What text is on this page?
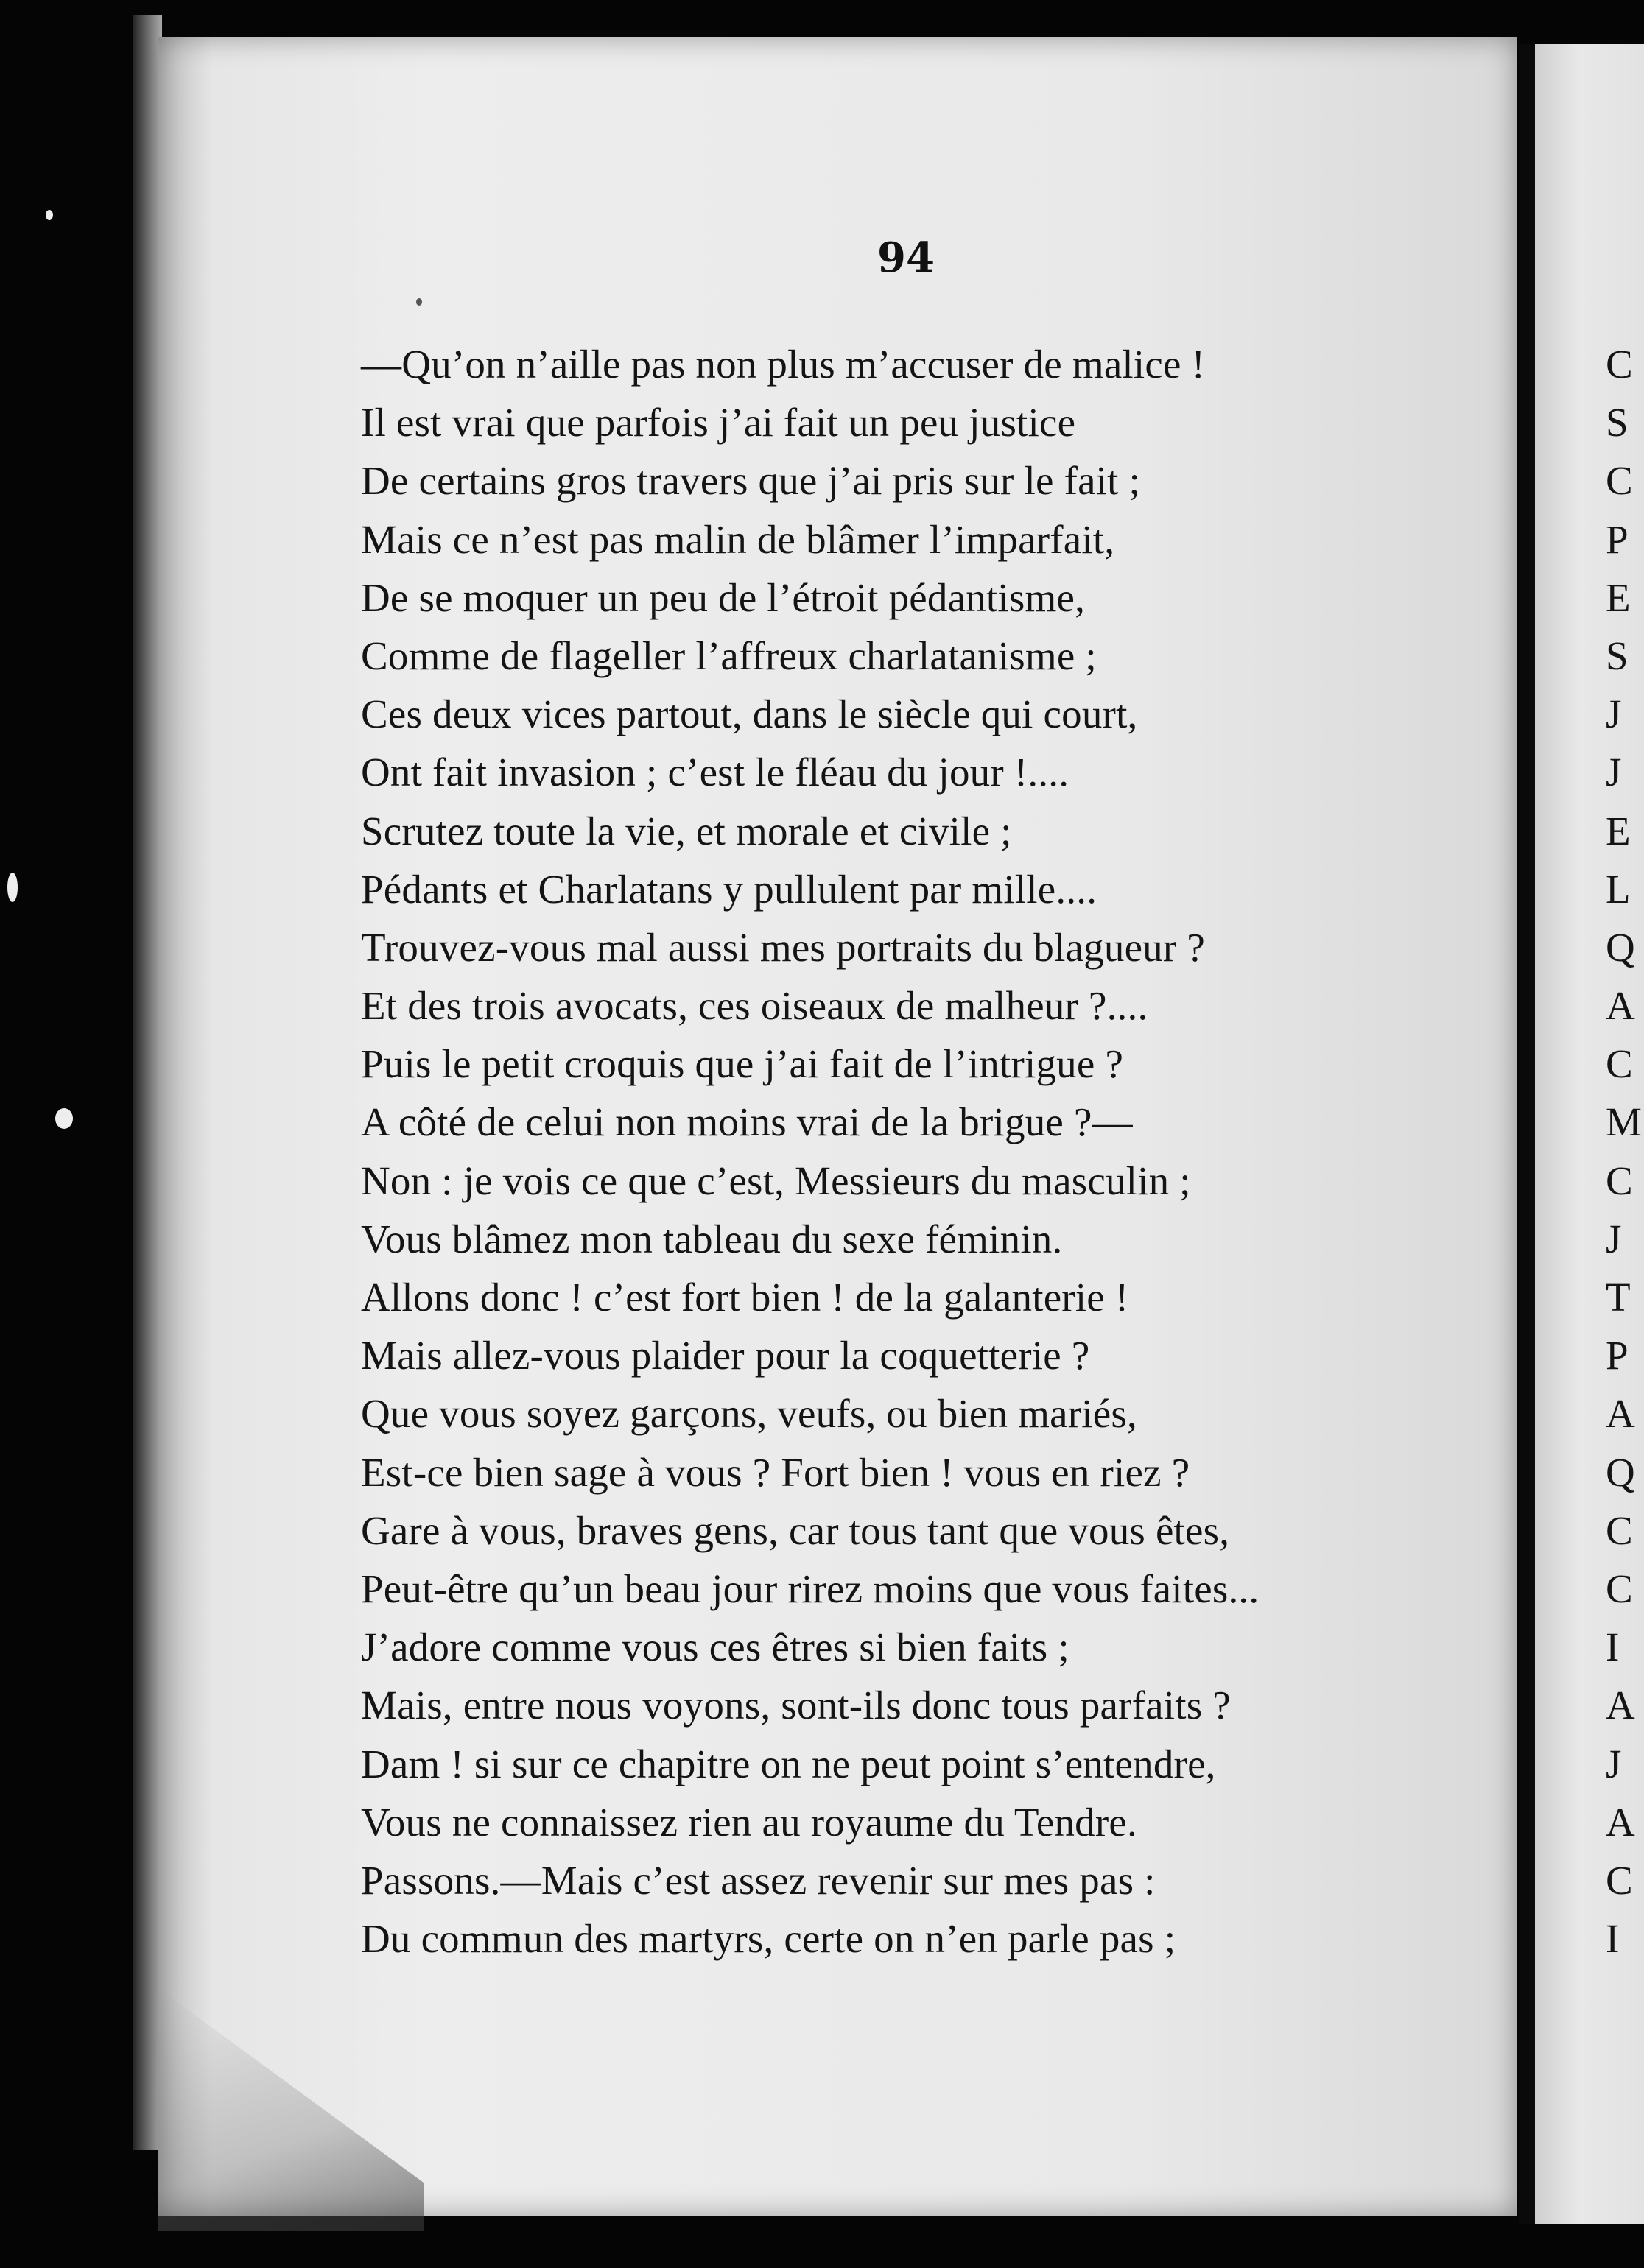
94
—Qu’on n’aille pas non plus m’accuser de malice !
Il est vrai que parfois j’ai fait un peu justice
De certains gros travers que j’ai pris sur le fait ;
Mais ce n’est pas malin de blâmer l’imparfait,
De se moquer un peu de l’étroit pédantisme,
Comme de flageller l’affreux charlatanisme ;
Ces deux vices partout, dans le siècle qui court,
Ont fait invasion ; c’est le fléau du jour !....
Scrutez toute la vie, et morale et civile ;
Pédants et Charlatans y pullulent par mille....
Trouvez-vous mal aussi mes portraits du blagueur ?
Et des trois avocats, ces oiseaux de malheur ?....
Puis le petit croquis que j’ai fait de l’intrigue ?
A côté de celui non moins vrai de la brigue ?—
Non : je vois ce que c’est, Messieurs du masculin ;
Vous blâmez mon tableau du sexe féminin.
Allons donc ! c’est fort bien ! de la galanterie !
Mais allez-vous plaider pour la coquetterie ?
Que vous soyez garçons, veufs, ou bien mariés,
Est-ce bien sage à vous ? Fort bien ! vous en riez ?
Gare à vous, braves gens, car tous tant que vous êtes,
Peut-être qu’un beau jour rirez moins que vous faites...
J’adore comme vous ces êtres si bien faits ;
Mais, entre nous voyons, sont-ils donc tous parfaits ?
Dam ! si sur ce chapitre on ne peut point s’entendre,
Vous ne connaissez rien au royaume du Tendre.
Passons.—Mais c’est assez revenir sur mes pas :
Du commun des martyrs, certe on n’en parle pas ;
C
S
C
P
E
S
J
J
E
L
Q
A
C
M
C
J
T
P
A
Q
C
C
I
A
J
A
C
I
